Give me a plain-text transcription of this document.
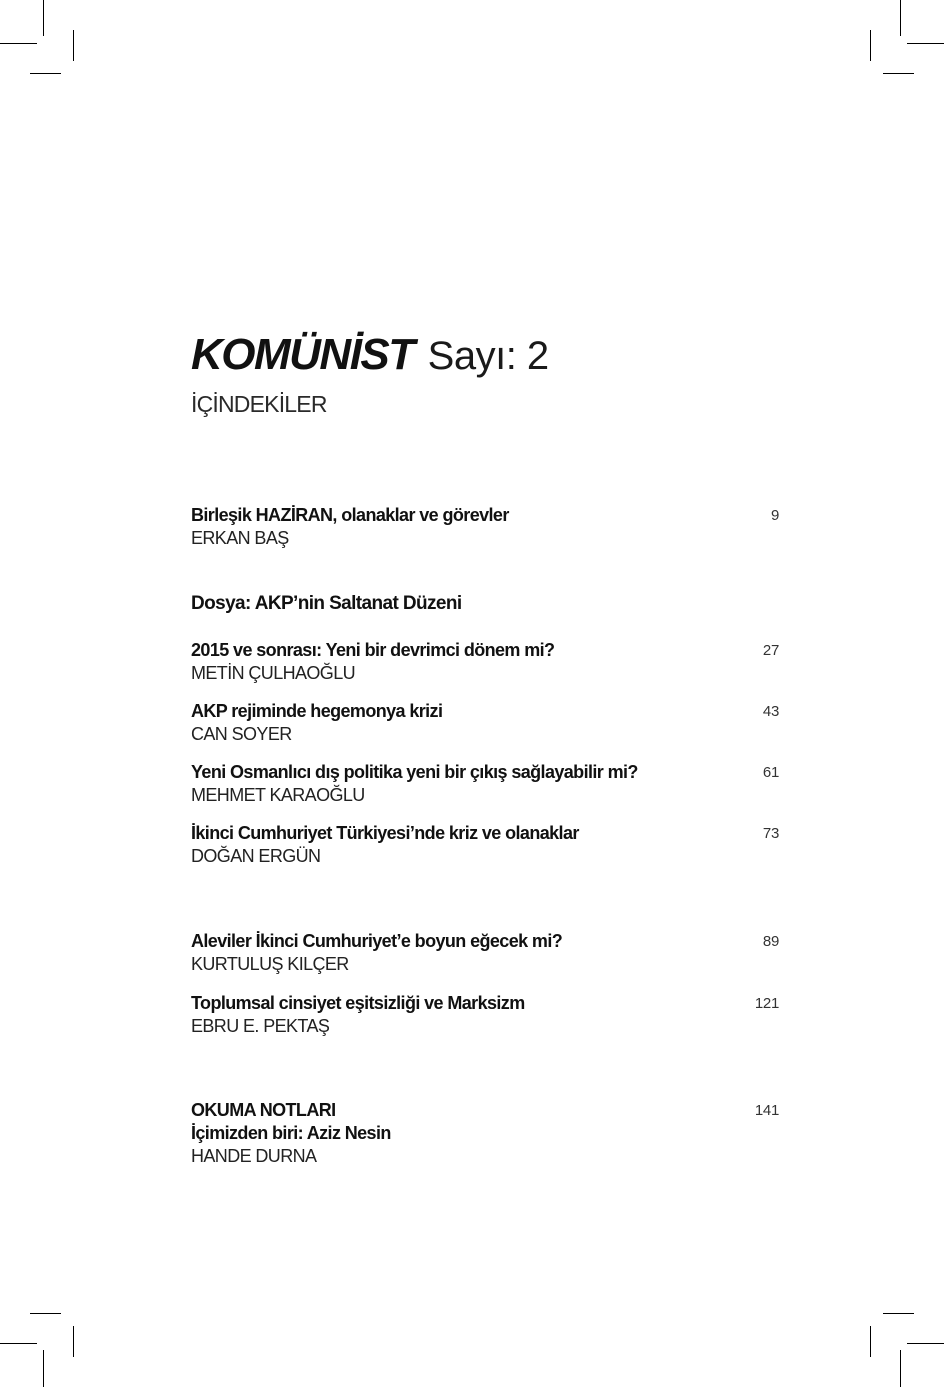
KOMÜNİST Sayı: 2
İÇİNDEKİLER
Birleşik HAZİRAN, olanaklar ve görevler
ERKAN BAŞ
9
Dosya: AKP’nin Saltanat Düzeni
2015 ve sonrası: Yeni bir devrimci dönem mi?
METİN ÇULHAOĞLU
27
AKP rejiminde hegemonya krizi
CAN SOYER
43
Yeni Osmanlıcı dış politika yeni bir çıkış sağlayabilir mi?
MEHMET KARAOĞLU
61
İkinci Cumhuriyet Türkiyesi’nde kriz ve olanaklar
DOĞAN ERGÜN
73
Aleviler İkinci Cumhuriyet’e boyun eğecek mi?
KURTULUŞ KILÇER
89
Toplumsal cinsiyet eşitsizliği ve Marksizm
EBRU E. PEKTAŞ
121
OKUMA NOTLARI
İçimizden biri: Aziz Nesin
HANDE DURNA
141
